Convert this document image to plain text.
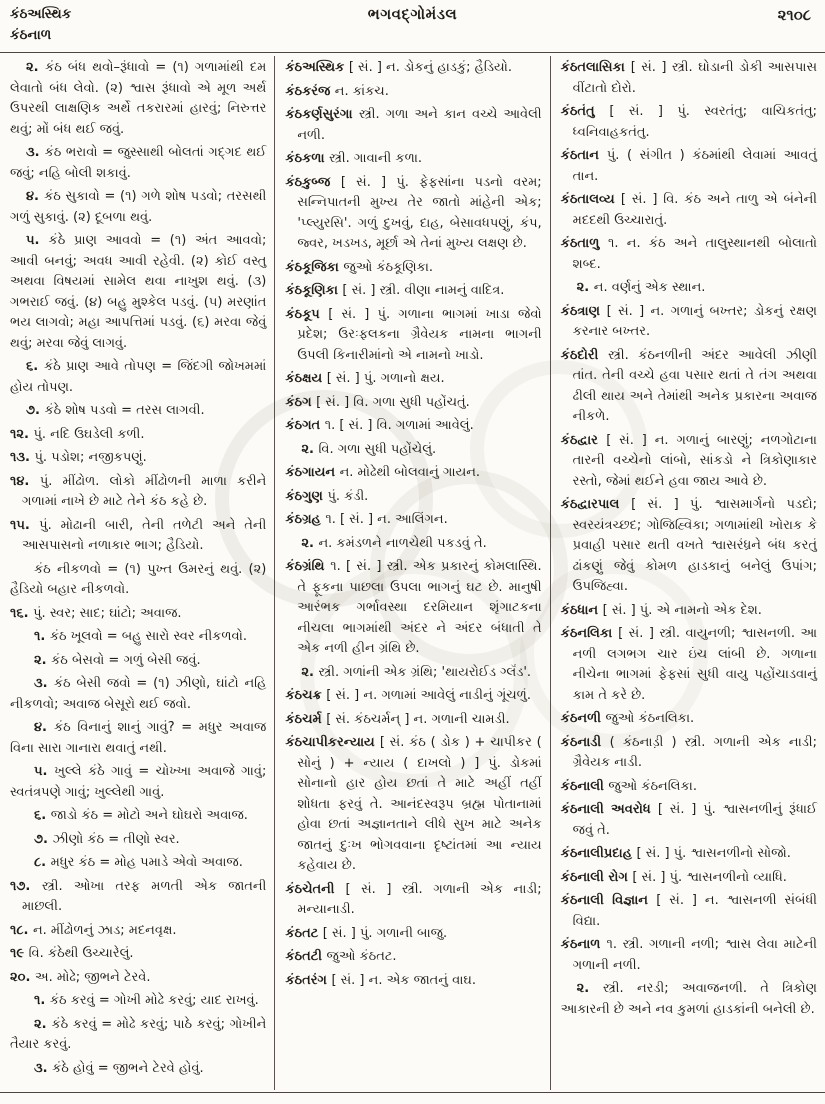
કંઠઅસ્થિક
કંઠનાળ
ભગવદ્ગોમંડલ	૨૧૦૮

૨. કંઠ બંધ થવો–રૂંધાવો = (૧) ગળામાંથી દમ લેવાતો બંધ લેવો. (૨) શ્વાસ રૂંધાવો એ મૂળ અર્થ ઉપરથી લાક્ષણિક અર્થે તકરારમાં હારવું; નિરુત્તર થવું; મોં બંધ થઈ જવું.

૩. કંઠ ભરાવો = જુસ્સાથી બોલતાં ગદ્ગદ થઈ જવું; નહિ બોલી શકાવું.

૪. કંઠ સુકાવો = (૧) ગળે શોષ પડવો; તરસથી ગળું સુકાવું. (૨) દૂબળા થવું.

૫. કંઠે પ્રાણ આવવો = (૧) અંત આવવો; આવી બનવું; અવધ આવી રહેવી. (૨) કોઈ વસ્તુ અથવા વિષયમાં સામેલ થવા નાખુશ થવું. (૩) ગભરાઈ જવું. (૪) બહુ મુશ્કેલ પડવું. (૫) મરણાંત ભય લાગવો; મહા આપત્તિમાં પડવું. (૬) મરવા જેવું થવું; મરવા જેવું લાગવું.

૬. કંઠે પ્રાણ આવે તોપણ = જિંદગી જોખમમાં હોય તોપણ.

૭. કંઠે શોષ પડવો = તરસ લાગવી.

૧૨. પું. નદિ ઉઘડેલી કળી.

૧૩. પું. પડોશ; નજીકપણું.

૧૪. પું. મીંઢોળ. લોકો મીંઢોળની માળા કરીને ગળામાં નાખે છે માટે તેને કંઠ કહે છે.

૧૫. પું. મોઢાની બારી, તેની તળેટી અને તેની આસપાસનો નળાકાર ભાગ; હૈડિયો.

કંઠ નીકળવો = (૧) પુખ્ત ઉમરનું થવું. (૨) હૈડિયો બહાર નીકળવો.

૧૬. પું. સ્વર; સાદ; ઘાંટો; અવાજ.

૧. કંઠ ખૂલવો = બહુ સારો સ્વર નીકળવો.

૨. કંઠ બેસવો = ગળું બેસી જવું.

૩. કંઠ બેસી જવો = (૧) ઝીણો, ઘાંટો નહિ નીકળવો; અવાજ બેસૂરો થઈ જવો.

૪. કંઠ વિનાનું શાનું ગાવું? = મધુર અવાજ વિના સારા ગાનારા થવાતું નથી.

૫. ખુલ્લે કંઠે ગાવું = ચોખ્ખા અવાજે ગાવું; સ્વતંત્રપણે ગાવું; ખુલ્લેથી ગાવું.

૬. જાડો કંઠ = મોટો અને ઘોઘરો અવાજ.

૭. ઝીણો કંઠ = તીણો સ્વર.

૮. મધુર કંઠ = મોહ પમાડે એવો અવાજ.

૧૭. સ્ત્રી. ઓખા તરફ મળતી એક જાતની માછલી.

૧૮. ન. મીંઢોળનું ઝાડ; મદનવૃક્ષ.

૧૯ વિ. કંઠેથી ઉચ્ચારેલું.

૨૦. અ. મોઢે; જીભને ટેરવે.

૧. કંઠ કરવું = ગોખી મોઢે કરવું; યાદ રાખવું.

૨. કંઠે કરવું = મોઢે કરવું; પાઠે કરવું; ગોખીને તૈયાર કરવું.

૩. કંઠે હોવું = જીભને ટેરવે હોવું.

કંઠઅસ્થિક [ સં. ] ન. ડોકનું હાડકું; હૈડિયો.

કંઠકરંજ ન. કાંકચ.

કંઠકર્ણસુરંગા સ્ત્રી. ગળા અને કાન વચ્ચે આવેલી નળી.

કંઠકળા સ્ત્રી. ગાવાની કળા.

કંઠકુબ્જ [ સં. ] પું. ફેફસાંના પડનો વરમ; સન્નિપાતની મુખ્ય તેર જાતો માંહેની એક; 'પ્લ્યુરસિ'. ગળું દુખવું, દાહ, બેસાવધપણું, કંપ, જ્વર, ખડખડ, મૂર્છા એ તેનાં મુખ્ય લક્ષણ છે.

કંઠકૂજિકા જુઓ કંઠકૂણિકા.

કંઠકૂણિકા [ સં. ] સ્ત્રી. વીણા નામનું વાદિત્ર.

કંઠકૂપ [ સં. ] પું. ગળાના ભાગમાં ખાડા જેવો પ્રદેશ; ઉરઃફલકના ગ્રૈવેયક નામના ભાગની ઉપલી કિનારીમાંનો એ નામનો ખાડો.

કંઠક્ષય [ સં. ] પું. ગળાનો ક્ષય.

કંઠગ [ સં. ] વિ. ગળા સુધી પહોંચતું.

કંઠગત ૧. [ સં. ] વિ. ગળામાં આવેલું.

૨. વિ. ગળા સુધી પહોંચેલું.

કંઠગાયન ન. મોઢેથી બોલવાનું ગાયન.

કંઠગુણ પું. કંડી.

કંઠગ્રહ ૧. [ સં. ] ન. આલિંગન.

૨. ન. કમંડળને નાળચેથી પકડવું તે.

કંઠગ્રંથિ ૧. [ સં. ] સ્ત્રી. એક પ્રકારનું કોમલાસ્થિ. તે ફૂકના પાછલા ઉપલા ભાગનું ઘટ છે. માનુષી આરંભક ગર્ભાવસ્થા દરમિયાન શૃંગાટકના નીચલા ભાગમાંથી અંદર ને અંદર બંધાતી તે એક નળી હીન ગ્રંથિ છે.

૨. સ્ત્રી. ગળાંની એક ગ્રંથિ; 'થાયરોઈડ ગ્લૅંડ'.

કંઠચક્ર [ સં. ] ન. ગળામાં આવેલું નાડીનું ગૂંચળું.

કંઠચર્મ [ સં. કંઠચર્મન્ ] ન. ગળાની ચામડી.

કંઠચાપીકરન્યાય [ સં. કંઠ ( ડોક ) + ચાપીકર ( સોનું ) + ન્યાય ( દાખલો ) ] પું. ડોકમાં સોનાનો હાર હોય છતાં તે માટે અહીં તહીં શોધતા ફરવું તે. આનંદસ્વરૂપ બ્રહ્મ પોતાનામાં હોવા છતાં અજ્ઞાનતાને લીધે સુખ માટે અનેક જાતનું દુઃખ ભોગવવાના દૃષ્ટાંતમાં આ ન્યાય કહેવાય છે.

કંઠચેતની [ સં. ] સ્ત્રી. ગળાની એક નાડી; મન્યાનાડી.

કંઠતટ [ સં. ] પું. ગળાની બાજુ.

કંઠતટી જુઓ કંઠતટ.

કંઠતરંગ [ સં. ] ન. એક જાતનું વાઘ.

કંઠતલાસિકા [ સં. ] સ્ત્રી. ઘોડાની ડોકી આસપાસ વીંટાતો દોરો.

કંઠતંતુ [ સં. ] પું. સ્વરતંતુ; વાચિકતંતુ; ધ્વનિવાહકતંતુ.

કંઠતાન પું. ( સંગીત ) કંઠમાંથી લેવામાં આવતું તાન.

કંઠતાલવ્ય [ સં. ] વિ. કંઠ અને તાળુ એ બંનેની મદદથી ઉચ્ચારાતું.

કંઠતાળુ ૧. ન. કંઠ અને તાલુસ્થાનથી બોલાતો શબ્દ.

૨. ન. વર્ણનું એક સ્થાન.

કંઠત્રાણ [ સં. ] ન. ગળાનું બખ્તર; ડોકનું રક્ષણ કરનાર બખ્તર.

કંઠદોરી સ્ત્રી. કંઠનળીની અંદર આવેલી ઝીણી તાંત. તેની વચ્ચે હવા પસાર થતાં તે તંગ અથવા ઢીલી થાય અને તેમાંથી અનેક પ્રકારના અવાજ નીકળે.

કંઠદ્વાર [ સં. ] ન. ગળાનું બારણું; નળગોટાના તારની વચ્ચેનો લાંબો, સાંકડો ને ત્રિકોણાકાર રસ્તો, જેમાં થઈને હવા જાય આવે છે.

કંઠદ્વારપાલ [ સં. ] પું. શ્વાસમાર્ગનો પડદો; સ્વરયંત્રચ્છદ; ગોજિહ્વિકા; ગળામાંથી ખોરાક કે પ્રવાહી પસાર થતી વખતે શ્વાસરંધ્રને બંધ કરતું ઢાંકણું જેવું કોમળ હાડકાનું બનેલું ઉપાંગ; ઉપજિહ્વા.

કંઠધાન [ સં. ] પું. એ નામનો એક દેશ.

કંઠનલિકા [ સં. ] સ્ત્રી. વાયુનળી; શ્વાસનળી. આ નળી લગભગ ચાર ઇંચ લાંબી છે. ગળાના નીચેના ભાગમાં ફેફસાં સુધી વાયુ પહોંચાડવાનું કામ તે કરે છે.

કંઠનળી જુઓ કંઠનલિકા.

કંઠનાડી ( કંઠનાડ઼ી ) સ્ત્રી. ગળાની એક નાડી; ગ્રૈવેયક નાડી.

કંઠનાલી જુઓ કંઠનલિકા.

કંઠનાલી અવરોધ [ સં. ] પું. શ્વાસનળીનું રૂંધાઈ જવું તે.

કંઠનાલીપ્રદાહ [ સં. ] પું. શ્વાસનળીનો સોજો.

કંઠનાલી રોગ [ સં. ] પું. શ્વાસનળીનો વ્યાધિ.

કંઠનાલી વિજ્ઞાન [ સં. ] ન. શ્વાસનળી સંબંધી વિદ્યા.

કંઠનાળ ૧. સ્ત્રી. ગળાની નળી; શ્વાસ લેવા માટેની ગળાની નળી.

૨. સ્ત્રી. નરડી; અવાજનળી. તે ત્રિકોણ આકારની છે અને નવ કુમળાં હાડકાંની બનેલી છે.
